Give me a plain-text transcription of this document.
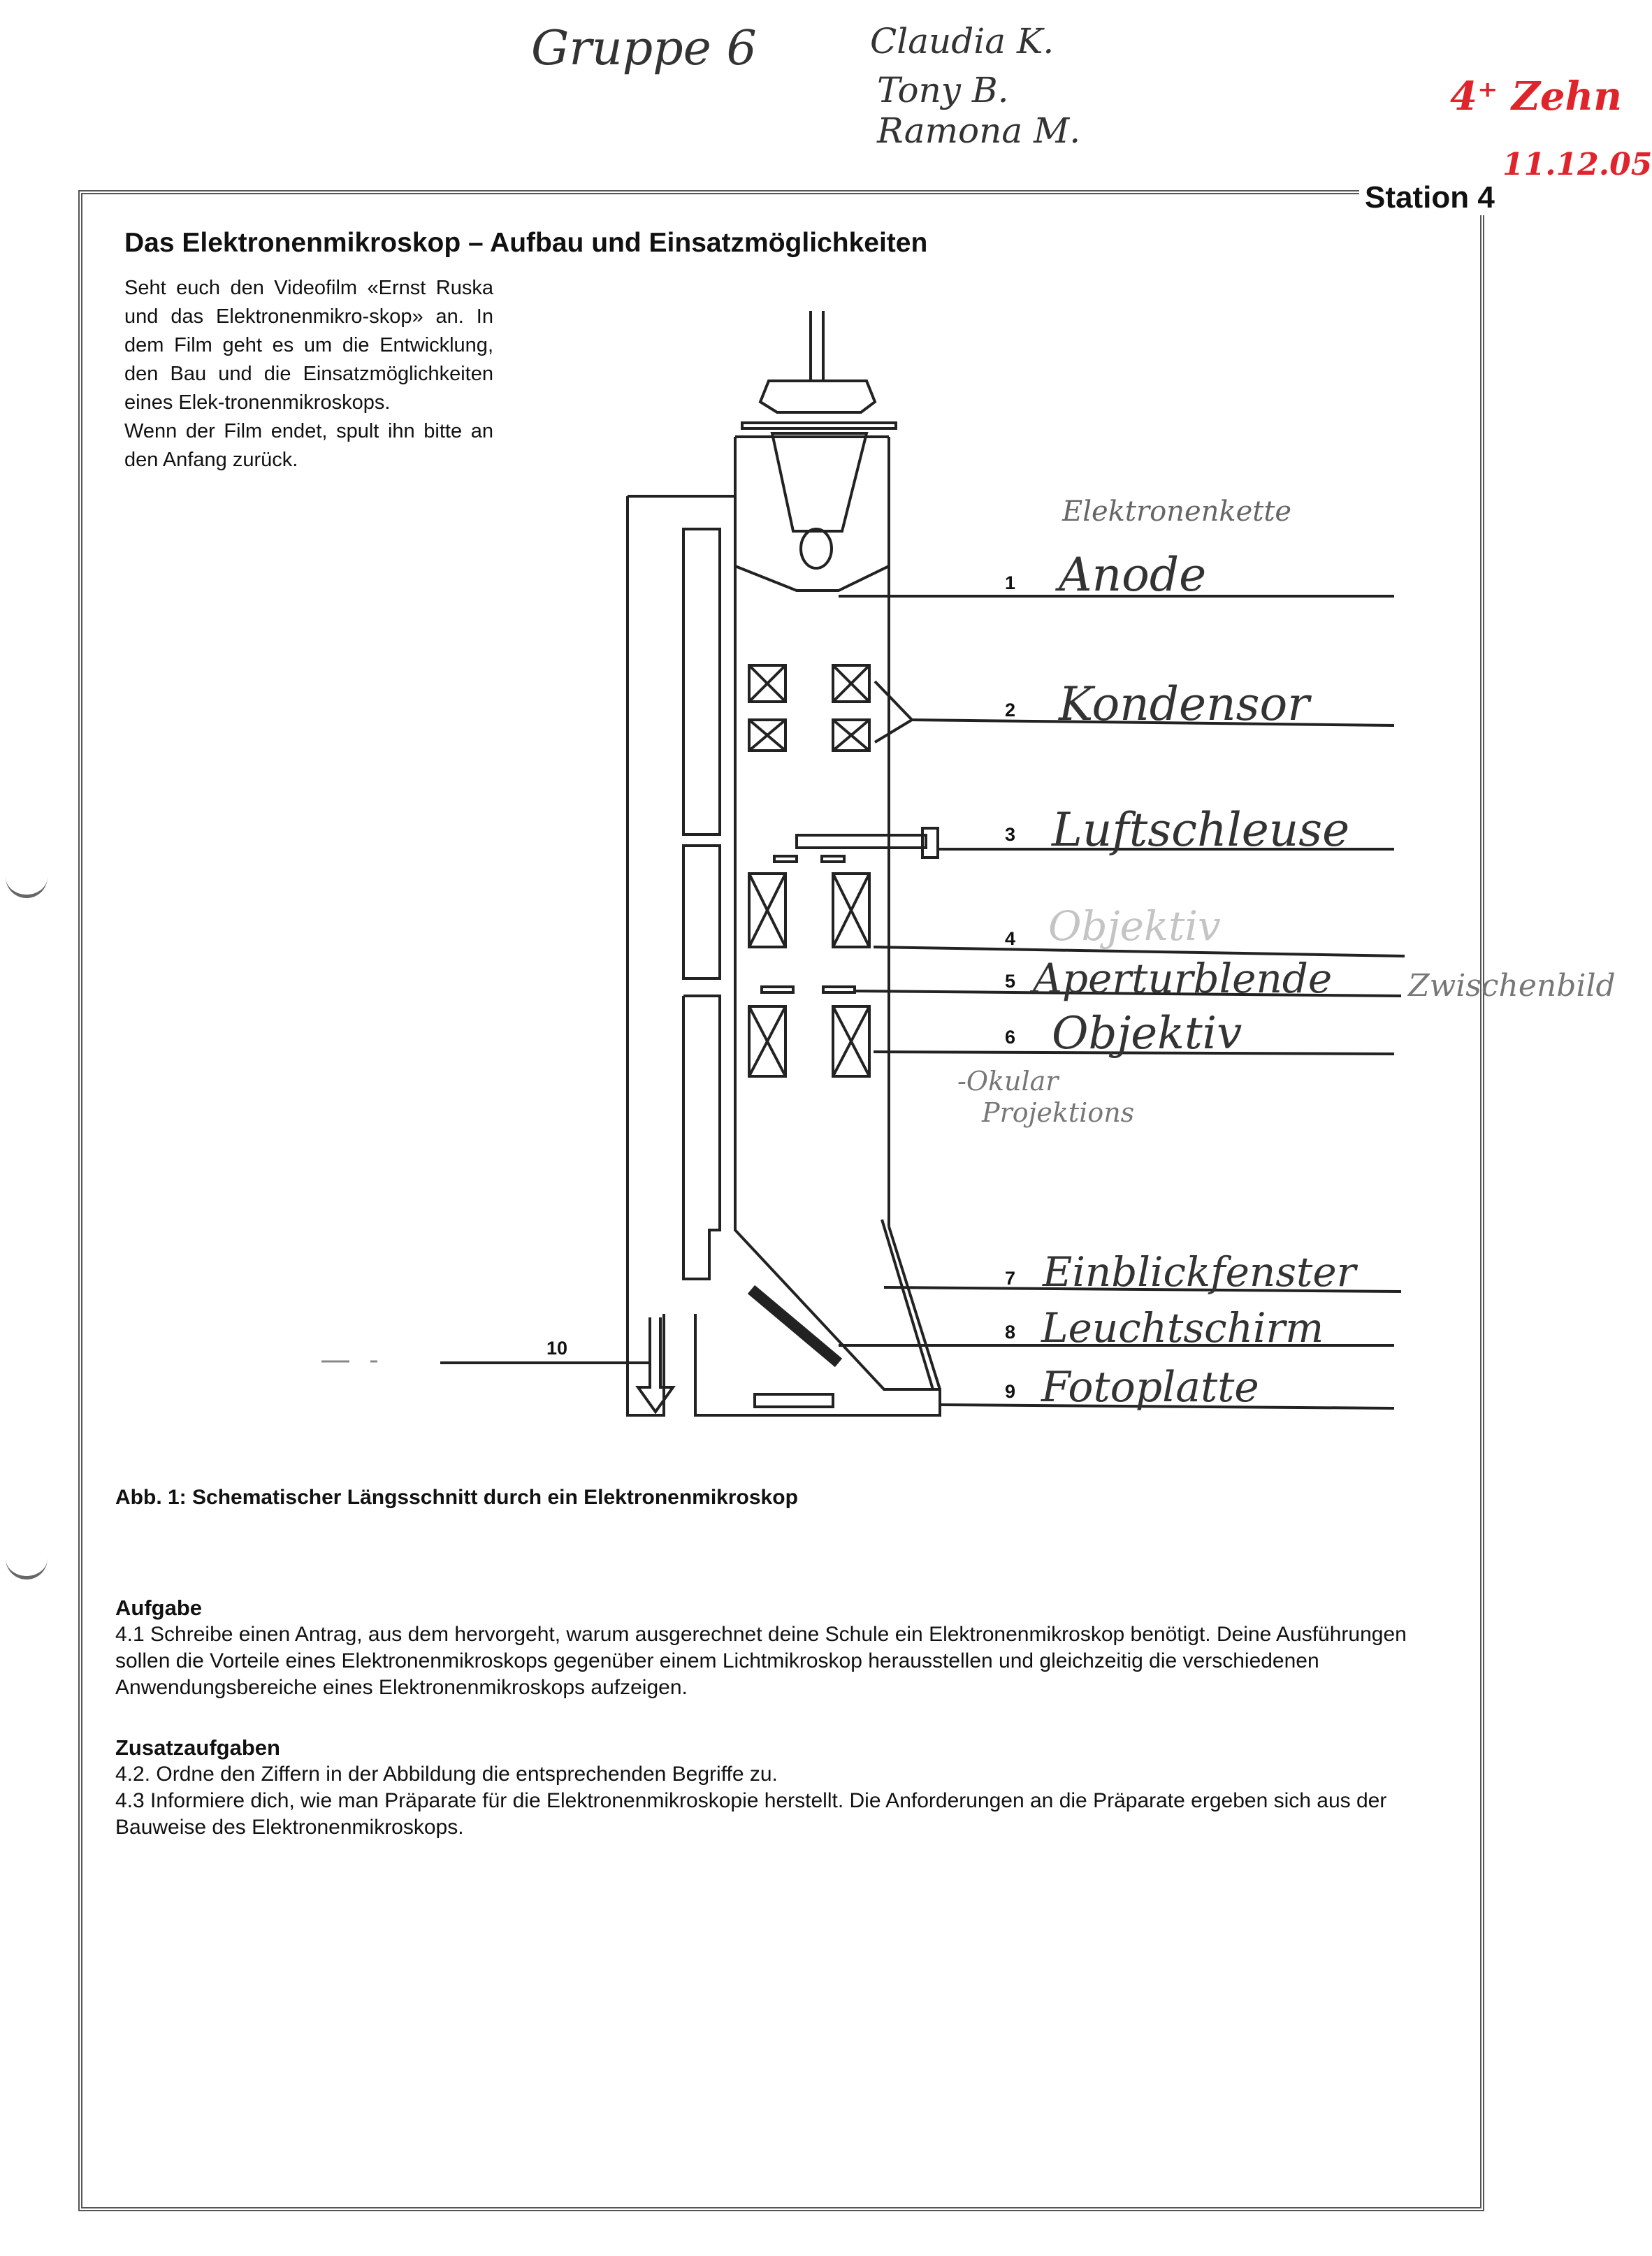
Gruppe 6	Claudia K.
Tony B.
Ramona M.
4⁺ Zehn
11.12.05
Station 4
Das Elektronenmikroskop – Aufbau und Einsatzmöglichkeiten

Seht euch den Videofilm «Ernst Ruska und das Elektronenmikro-skop» an. In dem Film geht es um die Entwicklung, den Bau und die Einsatzmöglichkeiten eines Elek-tronenmikroskops.

Wenn der Film endet, spult ihn bitte an den Anfang zurück.

1
2
3
4
5
6
7
8
9
10
Anode
Kondensor
Luftschleuse
Objektiv
Aperturblende
Objektiv
Einblickfenster
Leuchtschirm
Fotoplatte
Elektronenkette
Zwischenbild
-Okular Projektions
Abb. 1: Schematischer Längsschnitt durch ein Elektronenmikroskop
Aufgabe

4.1 Schreibe einen Antrag, aus dem hervorgeht, warum ausgerechnet deine Schule ein Elektronenmikroskop benötigt. Deine Ausführungen sollen die Vorteile eines Elektronenmikroskops gegenüber einem Lichtmikroskop herausstellen und gleichzeitig die verschiedenen Anwendungsbereiche eines Elektronenmikroskops aufzeigen.

Zusatzaufgaben

4.2. Ordne den Ziffern in der Abbildung die entsprechenden Begriffe zu.

4.3 Informiere dich, wie man Präparate für die Elektronenmikroskopie herstellt. Die Anforderungen an die Präparate ergeben sich aus der Bauweise des Elektronenmikroskops.
